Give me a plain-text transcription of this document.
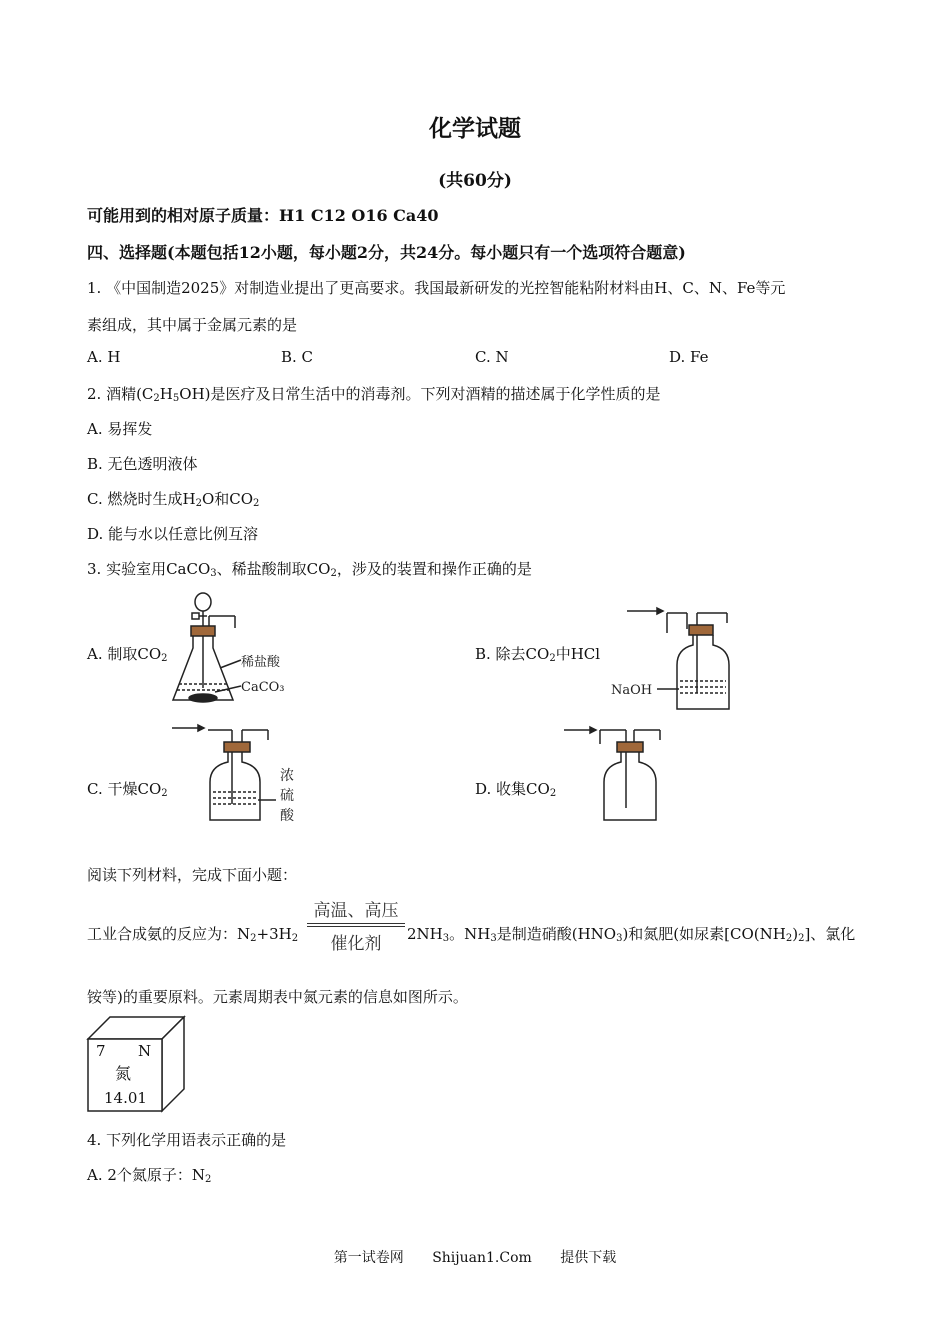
化学试题
(共60分)
可能用到的相对原子质量：H1 C12 O16 Ca40
四、选择题(本题包括12小题，每小题2分，共24分。每小题只有一个选项符合题意)
1. 《中国制造2025》对制造业提出了更高要求。我国最新研发的光控智能粘附材料由H、C、N、Fe等元
素组成，其中属于金属元素的是
A. H	B. C	C. N	D. Fe
2. 酒精$(C_2H_5OH)$是医疗及日常生活中的消毒剂。下列对酒精的描述属于化学性质的是
A. 易挥发
B. 无色透明液体
C. 燃烧时生成$H_2O$和$CO_2$
D. 能与水以任意比例互溶
3. 实验室用CaCO$_3$、稀盐酸制取$CO_2$，涉及的装置和操作正确的是
A. 制取$CO_2$	B. 除去$CO_2$中HCl
C. 干燥$CO_2$	D. 收集$CO_2$
稀盐酸
CaCO₃	NaOH
浓
硫
酸
阅读下列材料，完成下面小题：
工业合成氨的反应为：$N_2+3H_2$
高温、高压
催化剂	$2NH_3$。$NH_3$是制造硝酸$(HNO_3)$和氮肥(如尿素$[CO(NH_2)_2]$、氯化
铵等)的重要原料。元素周期表中氮元素的信息如图所示。
7 N
氮
14.01
4. 下列化学用语表示正确的是
A. 2个氮原子：$N_2$
第一试卷网 Shijuan1.Com 提供下载
